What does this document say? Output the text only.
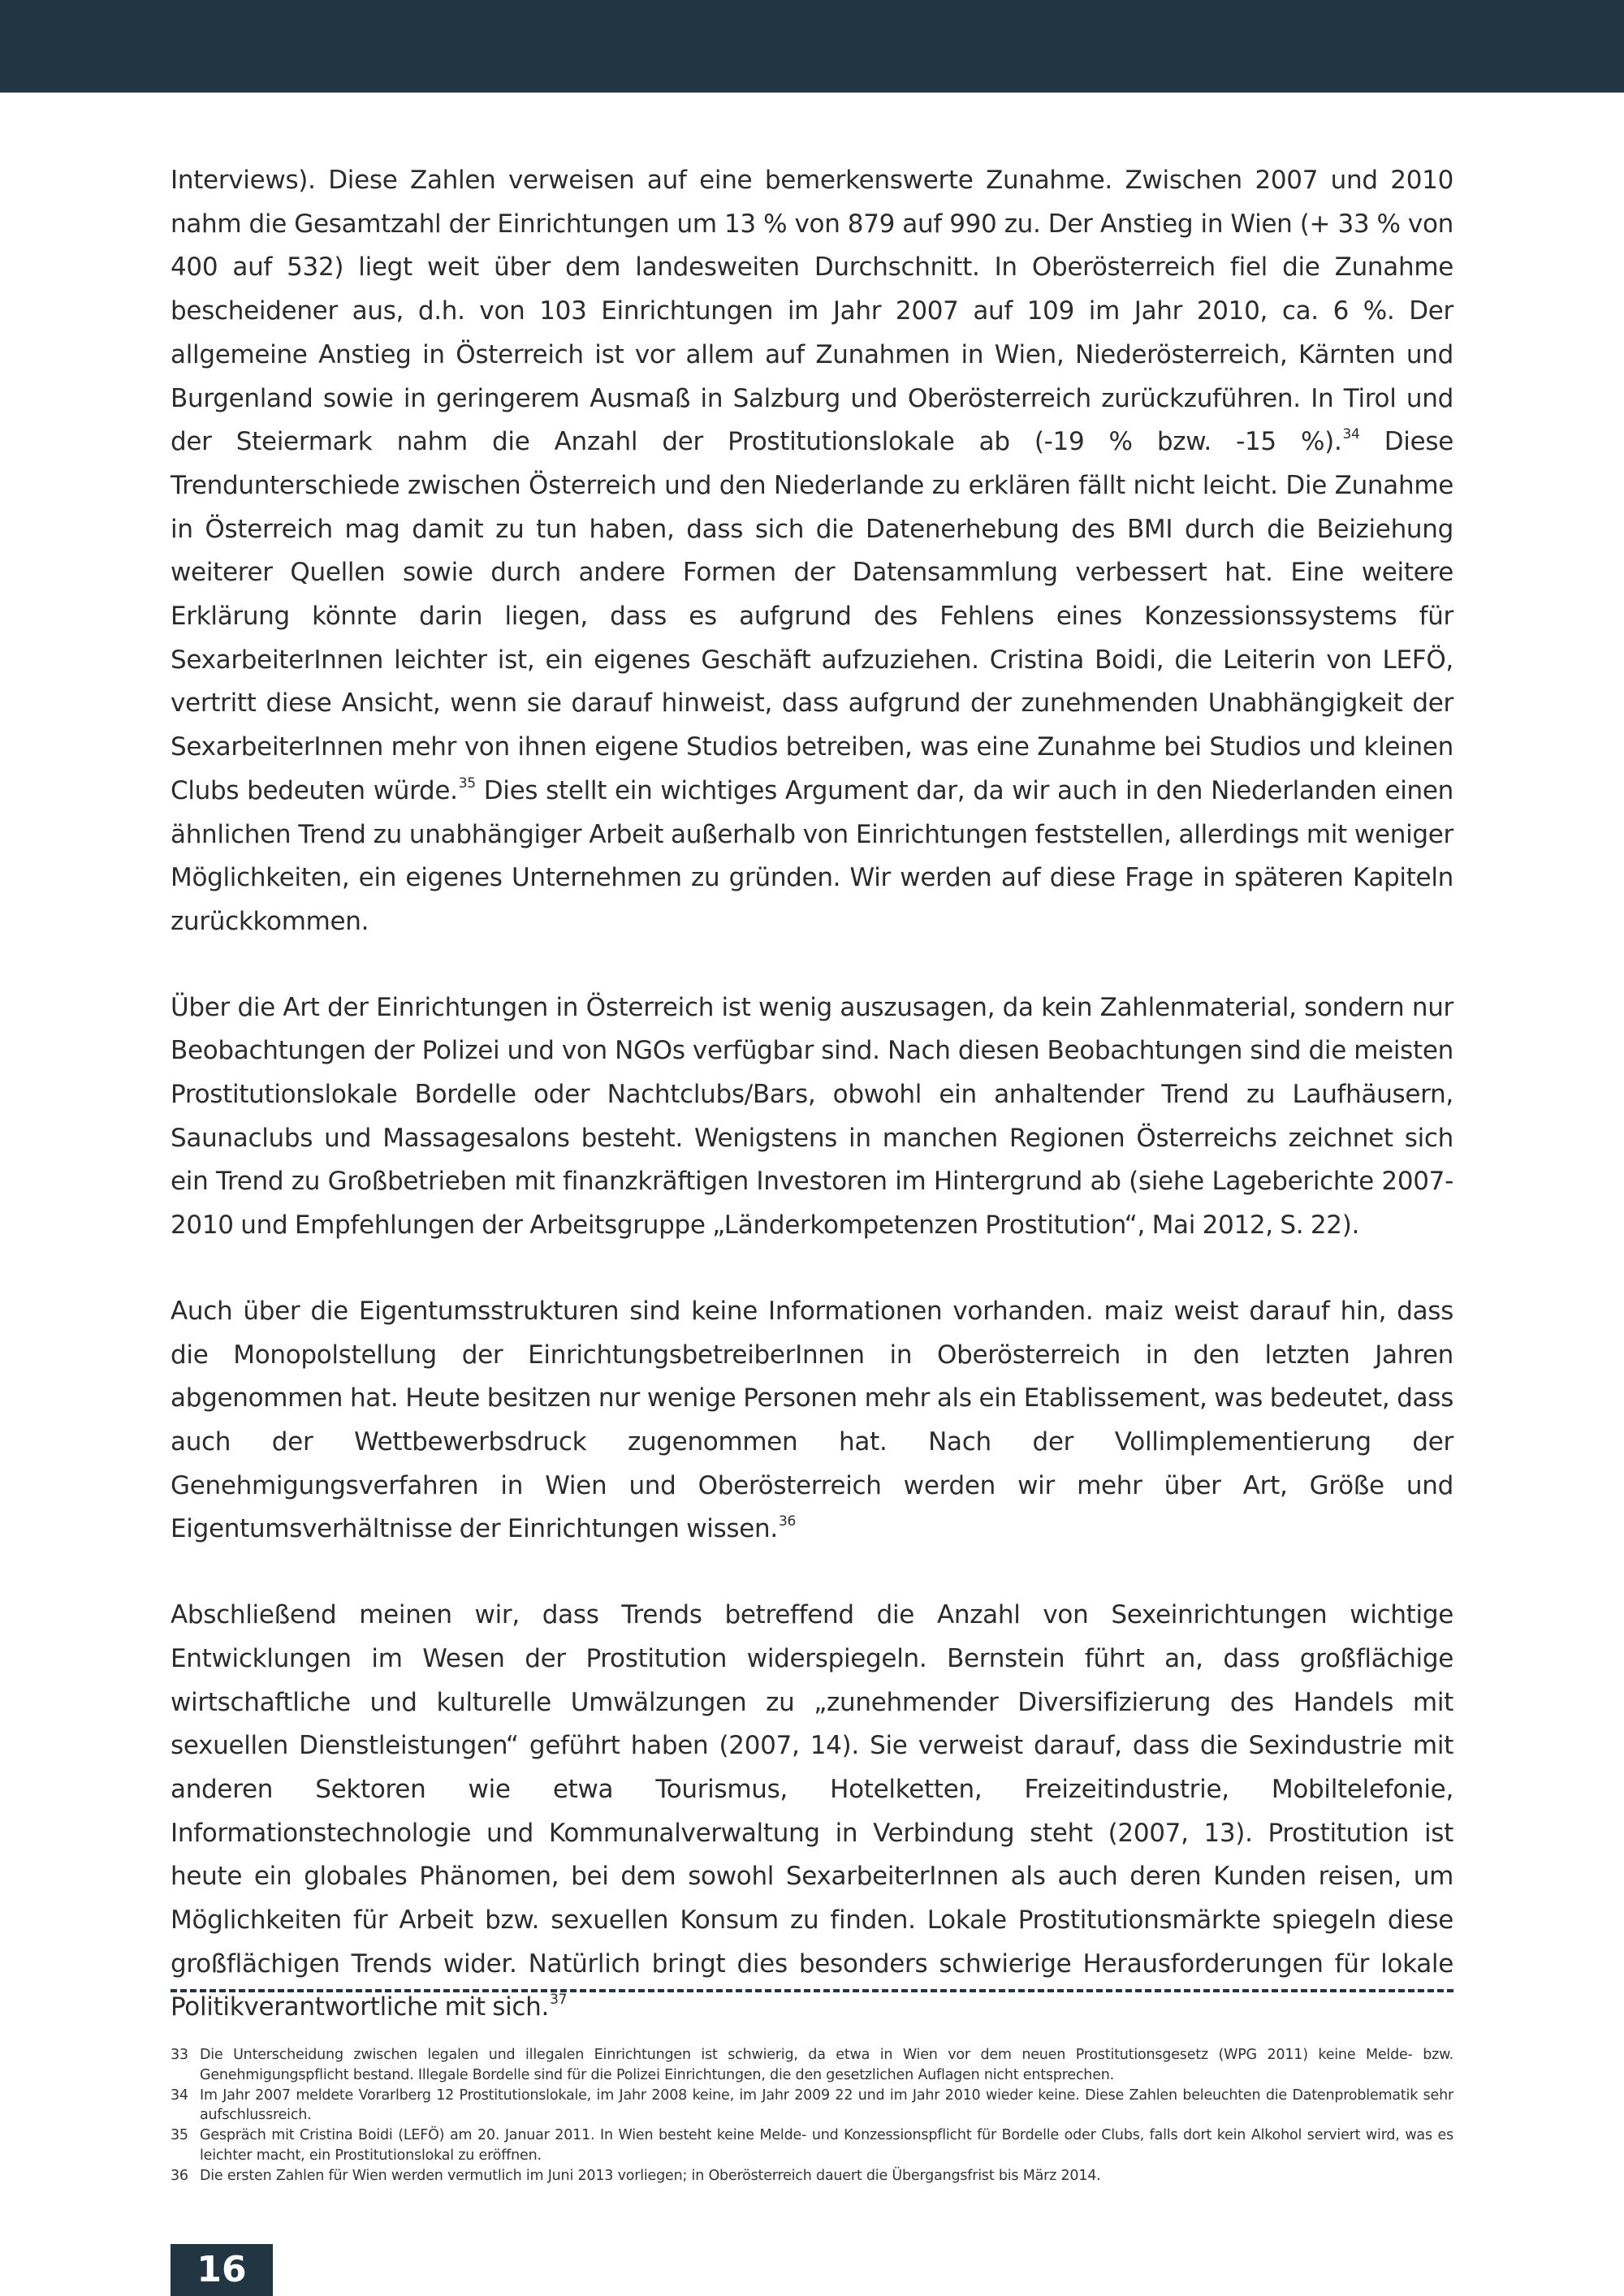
Interviews). Diese Zahlen verweisen auf eine bemerkenswerte Zunahme. Zwischen 2007 und 2010 nahm die Gesamtzahl der Einrichtungen um 13 % von 879 auf 990 zu. Der Anstieg in Wien (+ 33 % von 400 auf 532) liegt weit über dem landesweiten Durchschnitt. In Oberösterreich fiel die Zunahme bescheidener aus, d.h. von 103 Einrichtungen im Jahr 2007 auf 109 im Jahr 2010, ca. 6 %. Der allgemeine Anstieg in Österreich ist vor allem auf Zunahmen in Wien, Niederösterreich, Kärnten und Burgenland sowie in geringerem Ausmaß in Salzburg und Oberösterreich zurückzuführen. In Tirol und der Steiermark nahm die Anzahl der Prostitutionslokale ab (-19 % bzw. -15 %).$^{34}$ Diese Trendunterschiede zwischen Österreich und den Niederlande zu erklären fällt nicht leicht. Die Zunahme in Österreich mag damit zu tun haben, dass sich die Datenerhebung des BMI durch die Beiziehung weiterer Quellen sowie durch andere Formen der Datensammlung verbessert hat. Eine weitere Erklärung könnte darin liegen, dass es aufgrund des Fehlens eines Konzessionssystems für SexarbeiterInnen leichter ist, ein eigenes Geschäft aufzuziehen. Cristina Boidi, die Leiterin von LEFÖ, vertritt diese Ansicht, wenn sie darauf hinweist, dass aufgrund der zunehmenden Unabhängigkeit der SexarbeiterInnen mehr von ihnen eigene Studios betreiben, was eine Zunahme bei Studios und kleinen Clubs bedeuten würde.$^{35}$ Dies stellt ein wichtiges Argument dar, da wir auch in den Niederlanden einen ähnlichen Trend zu unabhängiger Arbeit außerhalb von Einrichtungen feststellen, allerdings mit weniger Möglichkeiten, ein eigenes Unternehmen zu gründen. Wir werden auf diese Frage in späteren Kapiteln zurückkommen.

Über die Art der Einrichtungen in Österreich ist wenig auszusagen, da kein Zahlenmaterial, sondern nur Beobachtungen der Polizei und von NGOs verfügbar sind. Nach diesen Beobachtungen sind die meisten Prostitutionslokale Bordelle oder Nachtclubs/Bars, obwohl ein anhaltender Trend zu Laufhäusern, Saunaclubs und Massagesalons besteht. Wenigstens in manchen Regionen Österreichs zeichnet sich ein Trend zu Großbetrieben mit finanzkräftigen Investoren im Hintergrund ab (siehe Lageberichte 2007-2010 und Empfehlungen der Arbeitsgruppe „Länderkompetenzen Prostitution“, Mai 2012, S. 22).

Auch über die Eigentumsstrukturen sind keine Informationen vorhanden. maiz weist darauf hin, dass die Monopolstellung der EinrichtungsbetreiberInnen in Oberösterreich in den letzten Jahren abgenommen hat. Heute besitzen nur wenige Personen mehr als ein Etablissement, was bedeutet, dass auch der Wettbewerbsdruck zugenommen hat. Nach der Vollimplementierung der Genehmigungsverfahren in Wien und Oberösterreich werden wir mehr über Art, Größe und Eigentumsverhältnisse der Einrichtungen wissen.$^{36}$

Abschließend meinen wir, dass Trends betreffend die Anzahl von Sexeinrichtungen wichtige Entwicklungen im Wesen der Prostitution widerspiegeln. Bernstein führt an, dass großflächige wirtschaftliche und kulturelle Umwälzungen zu „zunehmender Diversifizierung des Handels mit sexuellen Dienstleistungen“ geführt haben (2007, 14). Sie verweist darauf, dass die Sexindustrie mit anderen Sektoren wie etwa Tourismus, Hotelketten, Freizeitindustrie, Mobiltelefonie, Informationstechnologie und Kommunalverwaltung in Verbindung steht (2007, 13). Prostitution ist heute ein globales Phänomen, bei dem sowohl SexarbeiterInnen als auch deren Kunden reisen, um Möglichkeiten für Arbeit bzw. sexuellen Konsum zu finden. Lokale Prostitutionsmärkte spiegeln diese großflächigen Trends wider. Natürlich bringt dies besonders schwierige Herausforderungen für lokale Politikverantwortliche mit sich.$^{37}$

33 Die Unterscheidung zwischen legalen und illegalen Einrichtungen ist schwierig, da etwa in Wien vor dem neuen Prostitutionsgesetz (WPG 2011) keine Melde- bzw. Genehmigungspflicht bestand. Illegale Bordelle sind für die Polizei Einrichtungen, die den gesetzlichen Auflagen nicht entsprechen.
34 Im Jahr 2007 meldete Vorarlberg 12 Prostitutionslokale, im Jahr 2008 keine, im Jahr 2009 22 und im Jahr 2010 wieder keine. Diese Zahlen beleuchten die Datenproblematik sehr aufschlussreich.
35 Gespräch mit Cristina Boidi (LEFÖ) am 20. Januar 2011. In Wien besteht keine Melde- und Konzessionspflicht für Bordelle oder Clubs, falls dort kein Alkohol serviert wird, was es leichter macht, ein Prostitutionslokal zu eröffnen.
36 Die ersten Zahlen für Wien werden vermutlich im Juni 2013 vorliegen; in Oberösterreich dauert die Übergangsfrist bis März 2014.
16
